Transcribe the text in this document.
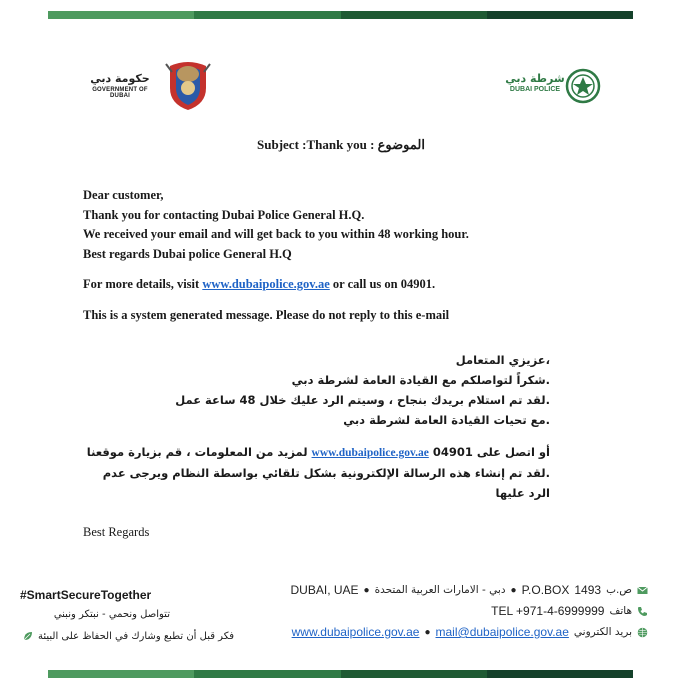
حكومة دبي
GOVERNMENT OF DUBAI
شرطة دبي
DUBAI POLICE
Subject :Thank you : الموضوع

Dear customer,

Thank you for contacting Dubai Police General H.Q.

We received your email and will get back to you within 48 working hour.

Best regards Dubai police General H.Q

For more details, visit www.dubaipolice.gov.ae or call us on 04901.

This is a system generated message. Please do not reply to this e-mail

،عزيزي المتعامل

.شكراً لتواصلكم مع القيادة العامة لشرطة دبي

.لقد تم استلام بريدك بنجاح ، وسيتم الرد عليك خلال 48 ساعة عمل

.مع تحيات القيادة العامة لشرطة دبي

أو اتصل على 04901 www.dubaipolice.gov.ae لمزيد من المعلومات ، قم بزيارة موقعنا

.لقد تم إنشاء هذه الرسالة الإلكترونية بشكل تلقائي بواسطة النظام ويرجى عدم الرد عليها

Best Regards
#SmartSecureTogether
تتواصل ونحمي - نبتكر ونبني
فكر قبل أن تطبع وشارك في الحفاظ على البيئة
DUBAI, UAE ● دبي - الامارات العربية المتحدة ● P.O.BOX 1493 ص.ب
TEL +971-4-6999999 هاتف
www.dubaipolice.gov.ae ● mail@dubaipolice.gov.ae بريد الكتروني
